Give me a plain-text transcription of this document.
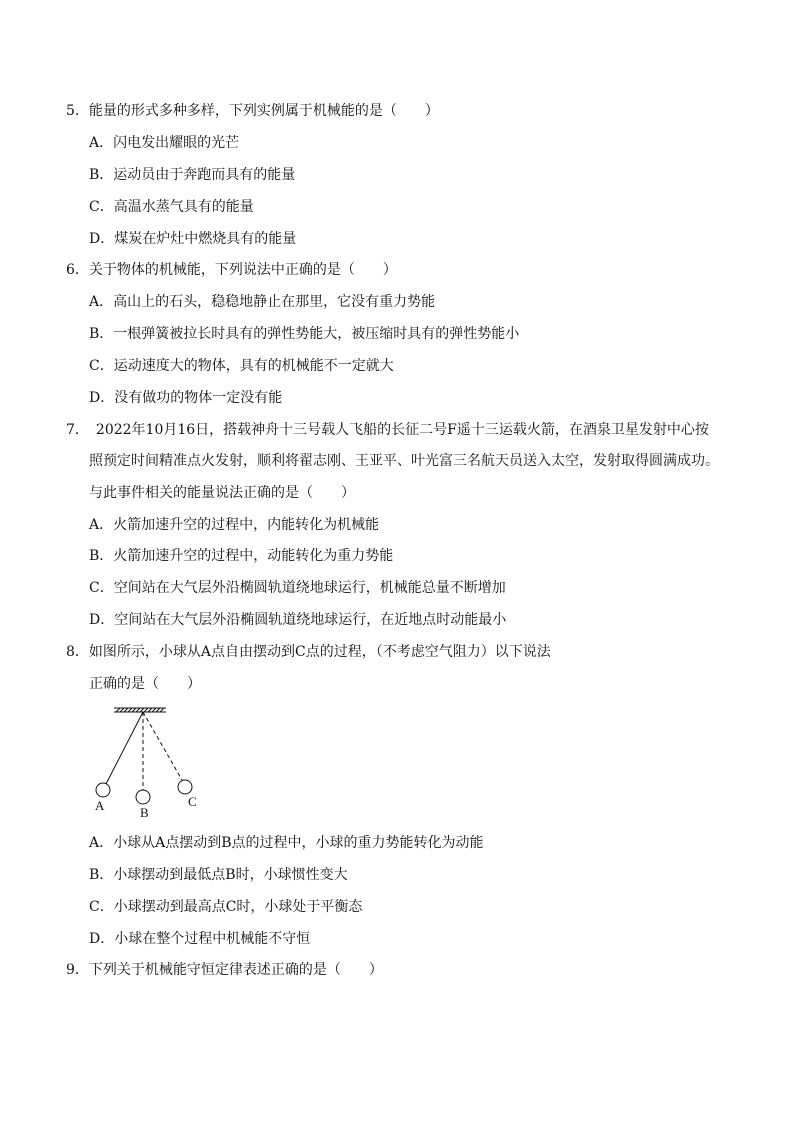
5．能量的形式多种多样，下列实例属于机械能的是（　　）
A．闪电发出耀眼的光芒
B．运动员由于奔跑而具有的能量
C．高温水蒸气具有的能量
D．煤炭在炉灶中燃烧具有的能量
6．关于物体的机械能，下列说法中正确的是（　　）
A．高山上的石头，稳稳地静止在那里，它没有重力势能
B．一根弹簧被拉长时具有的弹性势能大，被压缩时具有的弹性势能小
C．运动速度大的物体，具有的机械能不一定就大
D．没有做功的物体一定没有能
7．　2022年10月16日，搭载神舟十三号载人飞船的长征二号F遥十三运载火箭，在酒泉卫星发射中心按
照预定时间精准点火发射，顺利将翟志刚、王亚平、叶光富三名航天员送入太空，发射取得圆满成功。
与此事件相关的能量说法正确的是（　　）
A．火箭加速升空的过程中，内能转化为机械能
B．火箭加速升空的过程中，动能转化为重力势能
C．空间站在大气层外沿椭圆轨道绕地球运行，机械能总量不断增加
D．空间站在大气层外沿椭圆轨道绕地球运行，在近地点时动能最小
8．如图所示，小球从A点自由摆动到C点的过程，（不考虑空气阻力）以下说法
正确的是（　　）
A	B
C
A．小球从A点摆动到B点的过程中，小球的重力势能转化为动能
B．小球摆动到最低点B时，小球惯性变大
C．小球摆动到最高点C时，小球处于平衡态
D．小球在整个过程中机械能不守恒
9．下列关于机械能守恒定律表述正确的是（　　）
